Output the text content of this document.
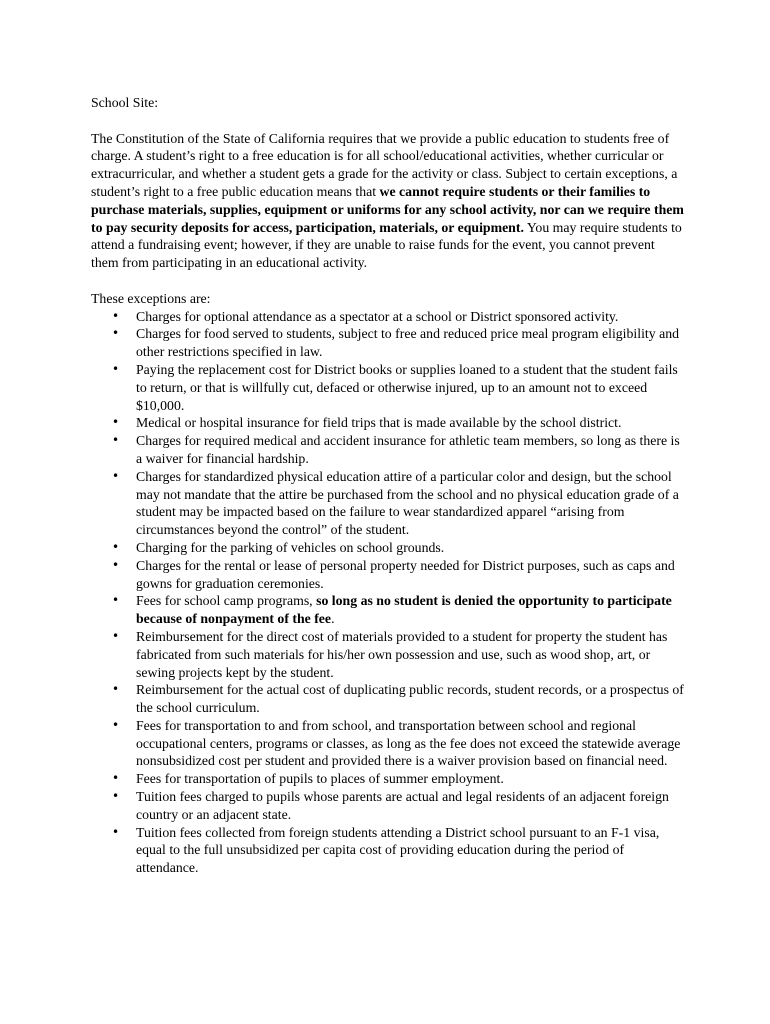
School Site:

The Constitution of the State of California requires that we provide a public education to students free of charge. A student’s right to a free education is for all school/educational activities, whether curricular or extracurricular, and whether a student gets a grade for the activity or class. Subject to certain exceptions, a student’s right to a free public education means that we cannot require students or their families to purchase materials, supplies, equipment or uniforms for any school activity, nor can we require them to pay security deposits for access, participation, materials, or equipment. You may require students to attend a fundraising event; however, if they are unable to raise funds for the event, you cannot prevent them from participating in an educational activity.

These exceptions are:

• Charges for optional attendance as a spectator at a school or District sponsored activity.
• Charges for food served to students, subject to free and reduced price meal program eligibility and other restrictions specified in law.
• Paying the replacement cost for District books or supplies loaned to a student that the student fails to return, or that is willfully cut, defaced or otherwise injured, up to an amount not to exceed $10,000.
• Medical or hospital insurance for field trips that is made available by the school district.
• Charges for required medical and accident insurance for athletic team members, so long as there is a waiver for financial hardship.
• Charges for standardized physical education attire of a particular color and design, but the school may not mandate that the attire be purchased from the school and no physical education grade of a student may be impacted based on the failure to wear standardized apparel “arising from circumstances beyond the control” of the student.
• Charging for the parking of vehicles on school grounds.
• Charges for the rental or lease of personal property needed for District purposes, such as caps and gowns for graduation ceremonies.
• Fees for school camp programs, so long as no student is denied the opportunity to participate because of nonpayment of the fee.
• Reimbursement for the direct cost of materials provided to a student for property the student has fabricated from such materials for his/her own possession and use, such as wood shop, art, or sewing projects kept by the student.
• Reimbursement for the actual cost of duplicating public records, student records, or a prospectus of the school curriculum.
• Fees for transportation to and from school, and transportation between school and regional occupational centers, programs or classes, as long as the fee does not exceed the statewide average nonsubsidized cost per student and provided there is a waiver provision based on financial need.
• Fees for transportation of pupils to places of summer employment.
• Tuition fees charged to pupils whose parents are actual and legal residents of an adjacent foreign country or an adjacent state.
• Tuition fees collected from foreign students attending a District school pursuant to an F-1 visa, equal to the full unsubsidized per capita cost of providing education during the period of attendance.
